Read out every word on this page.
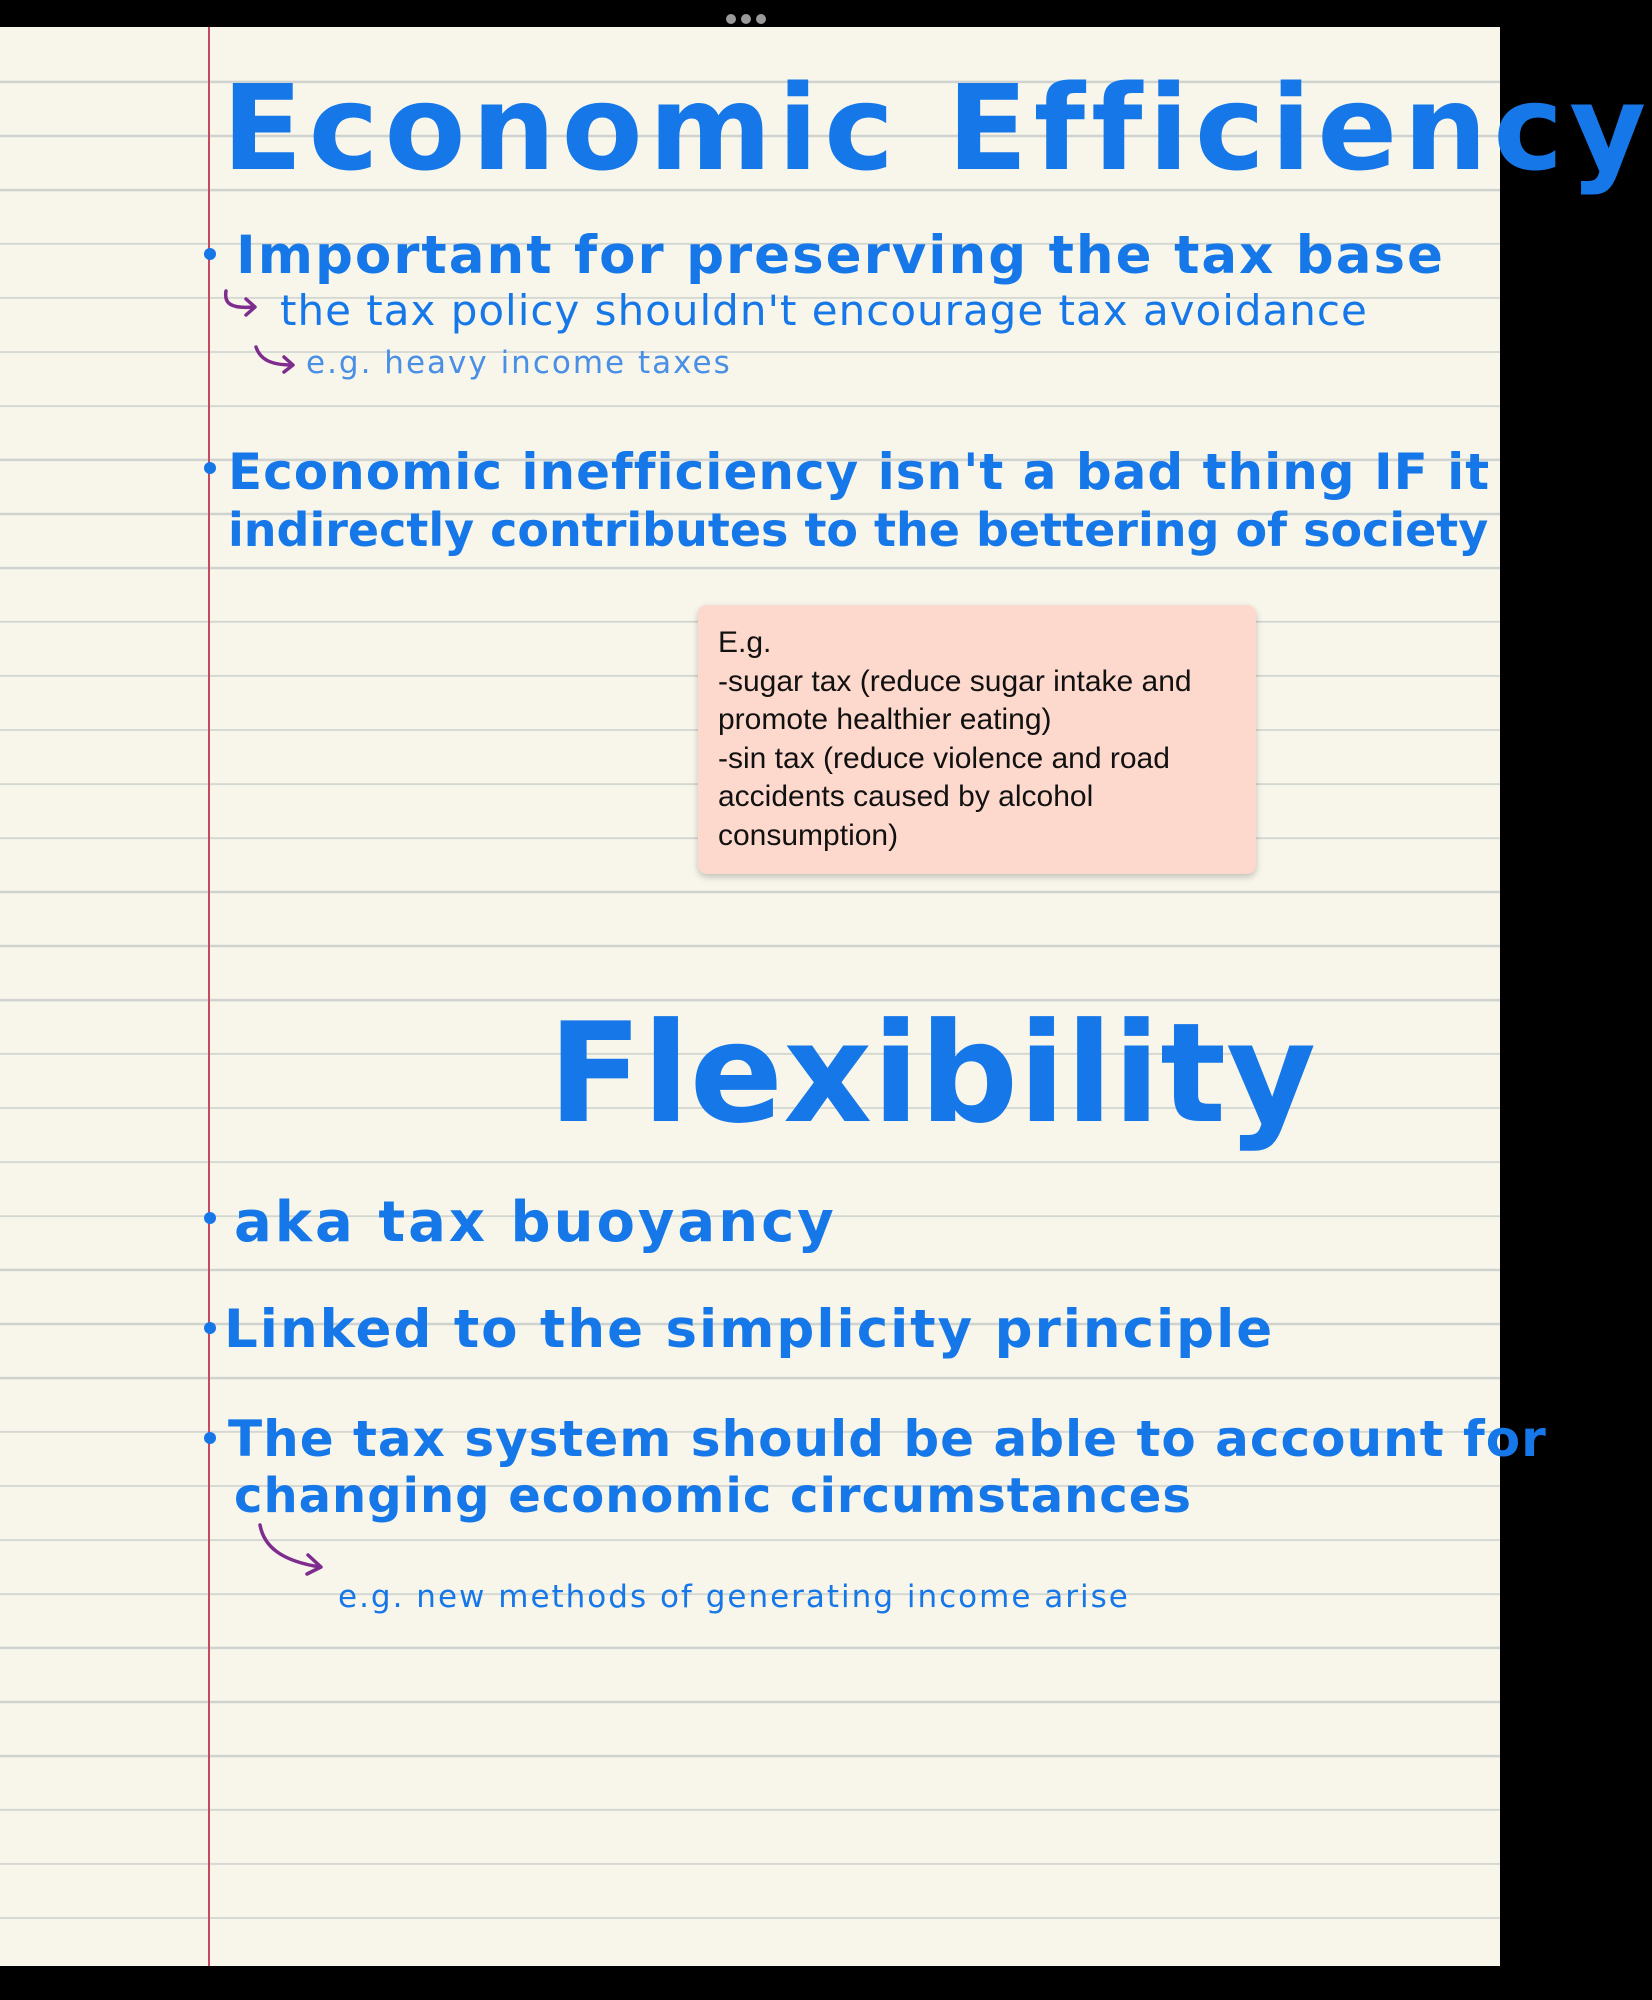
Economic Efficiency

Important for preserving the tax base

the tax policy shouldn't encourage tax avoidance

e.g. heavy income taxes

Economic inefficiency isn't a bad thing IF it

indirectly contributes to the bettering of society

E.g.
-sugar tax (reduce sugar intake and promote healthier eating)
-sin tax (reduce violence and road accidents caused by alcohol consumption)
Flexibility

aka tax buoyancy

Linked to the simplicity principle

The tax system should be able to account for

changing economic circumstances

e.g. new methods of generating income arise
